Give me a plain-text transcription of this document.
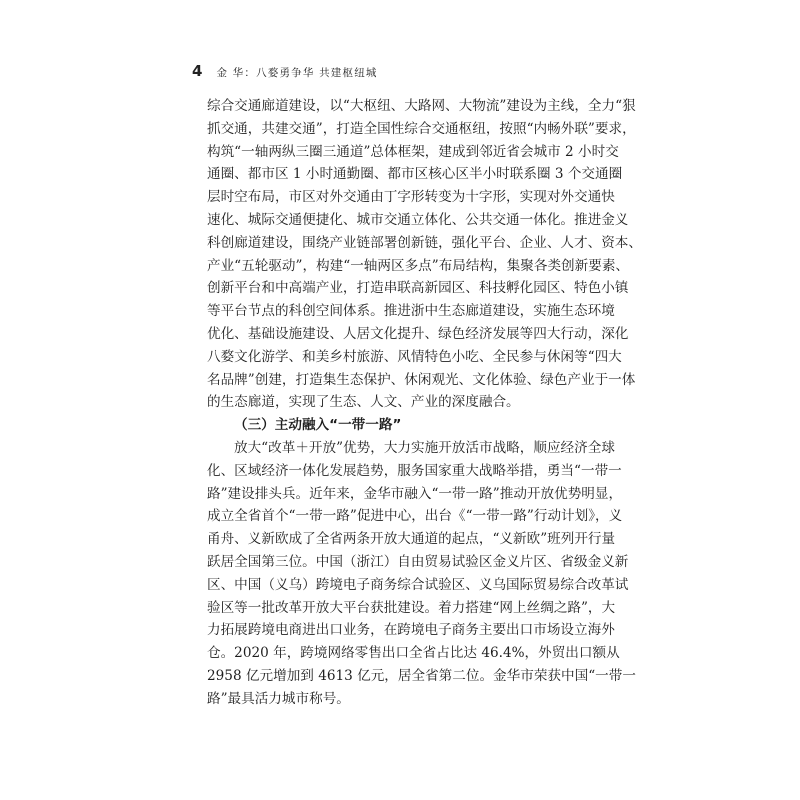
4 金 华：八婺勇争华 共建枢纽城
综合交通廊道建设，以“大枢纽、大路网、大物流”建设为主线，全力“狠
抓交通，共建交通”，打造全国性综合交通枢纽，按照“内畅外联”要求，
构筑“一轴两纵三圈三通道”总体框架，建成到邻近省会城市 2 小时交
通圈、都市区 1 小时通勤圈、都市区核心区半小时联系圈 3 个交通圈
层时空布局，市区对外交通由丁字形转变为十字形，实现对外交通快
速化、城际交通便捷化、城市交通立体化、公共交通一体化。推进金义
科创廊道建设，围绕产业链部署创新链，强化平台、企业、人才、资本、
产业“五轮驱动”，构建“一轴两区多点”布局结构，集聚各类创新要素、
创新平台和中高端产业，打造串联高新园区、科技孵化园区、特色小镇
等平台节点的科创空间体系。推进浙中生态廊道建设，实施生态环境
优化、基础设施建设、人居文化提升、绿色经济发展等四大行动，深化
八婺文化游学、和美乡村旅游、风情特色小吃、全民参与休闲等“四大
名品牌”创建，打造集生态保护、休闲观光、文化体验、绿色产业于一体
的生态廊道，实现了生态、人文、产业的深度融合。
（三）主动融入“一带一路”
放大“改革＋开放”优势，大力实施开放活市战略，顺应经济全球
化、区域经济一体化发展趋势，服务国家重大战略举措，勇当“一带一
路”建设排头兵。近年来，金华市融入“一带一路”推动开放优势明显，
成立全省首个“一带一路”促进中心，出台《“一带一路”行动计划》，义
甬舟、义新欧成了全省两条开放大通道的起点，“义新欧”班列开行量
跃居全国第三位。中国（浙江）自由贸易试验区金义片区、省级金义新
区、中国（义乌）跨境电子商务综合试验区、义乌国际贸易综合改革试
验区等一批改革开放大平台获批建设。着力搭建“网上丝绸之路”，大
力拓展跨境电商进出口业务，在跨境电子商务主要出口市场设立海外
仓。2020 年，跨境网络零售出口全省占比达 46.4%，外贸出口额从
2958 亿元增加到 4613 亿元，居全省第二位。金华市荣获中国“一带一
路”最具活力城市称号。
